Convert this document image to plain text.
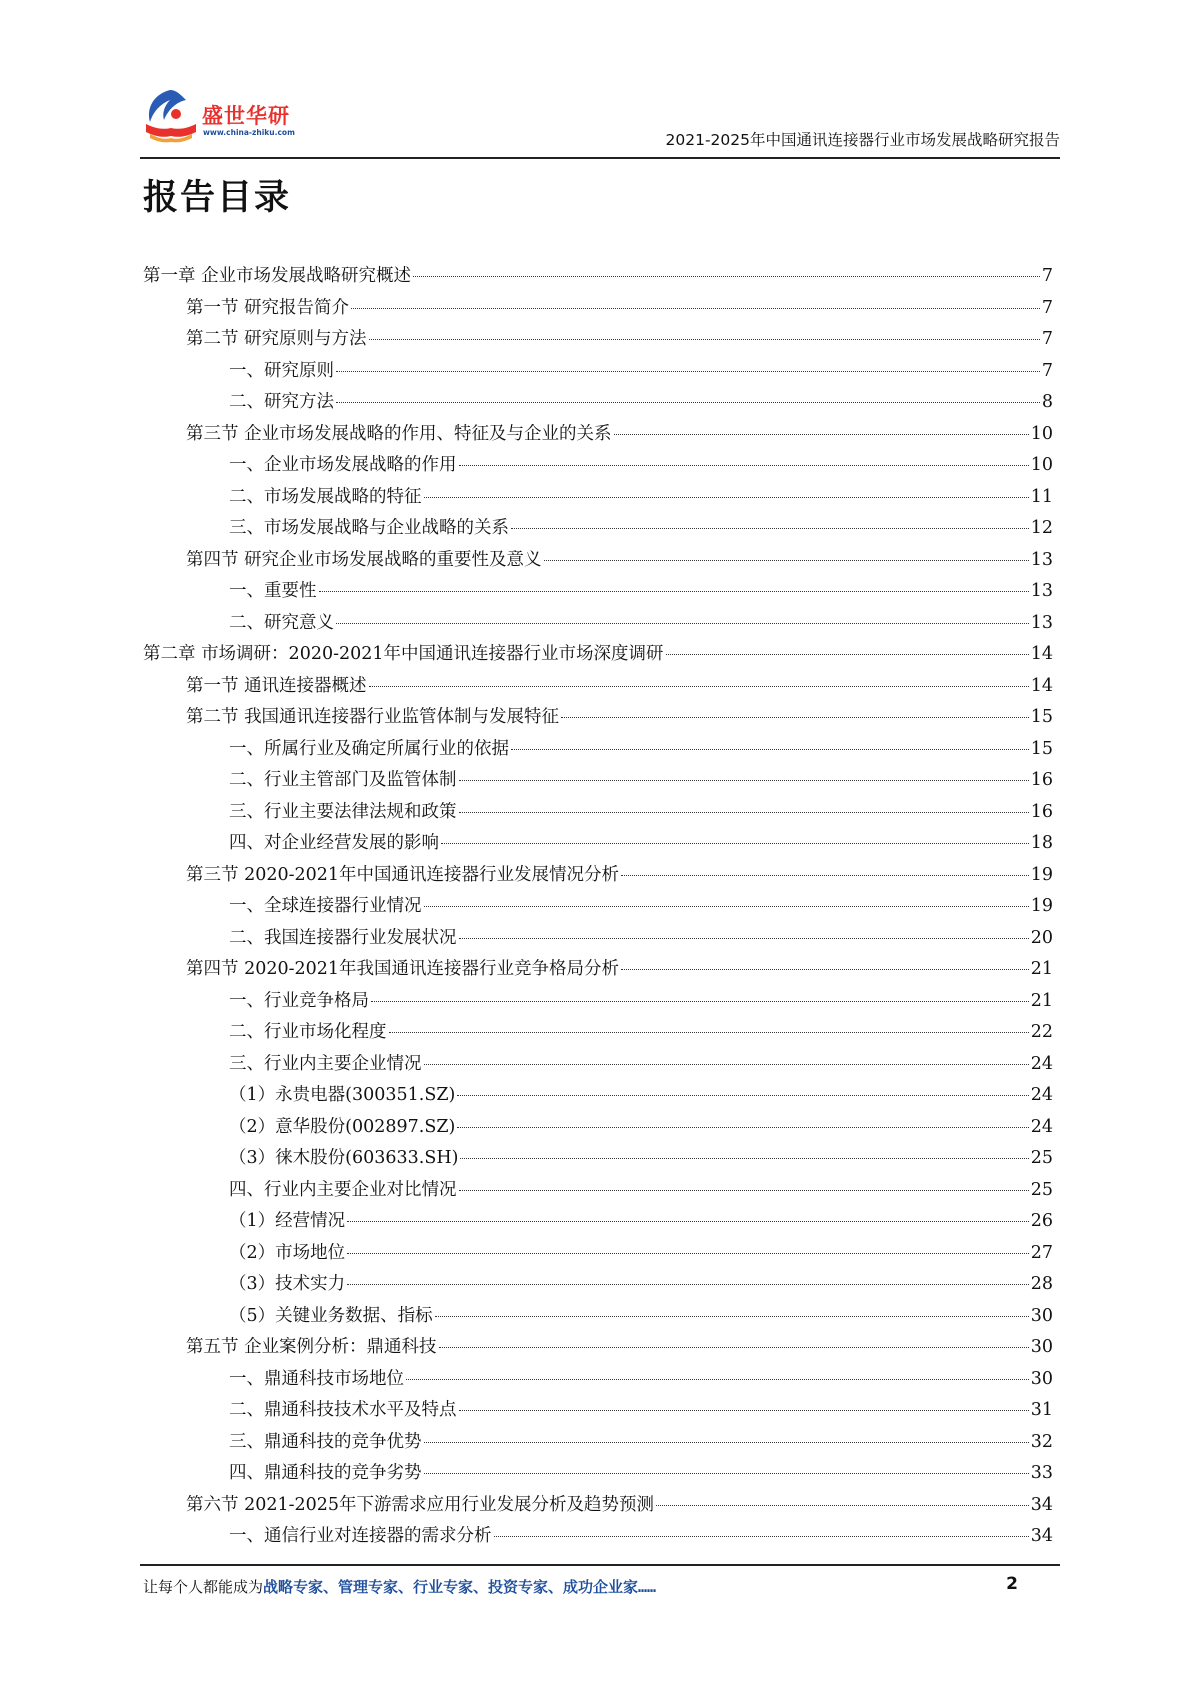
盛世华研
www.china-zhiku.com	2021-2025年中国通讯连接器行业市场发展战略研究报告
报告目录
第一章 企业市场发展战略研究概述	7
第一节 研究报告简介	7
第二节 研究原则与方法	7
一、研究原则	7
二、研究方法	8
第三节 企业市场发展战略的作用、特征及与企业的关系	10
一、企业市场发展战略的作用	10
二、市场发展战略的特征	11
三、市场发展战略与企业战略的关系	12
第四节 研究企业市场发展战略的重要性及意义	13
一、重要性	13
二、研究意义	13
第二章 市场调研：2020-2021年中国通讯连接器行业市场深度调研	14
第一节 通讯连接器概述	14
第二节 我国通讯连接器行业监管体制与发展特征	15
一、所属行业及确定所属行业的依据	15
二、行业主管部门及监管体制	16
三、行业主要法律法规和政策	16
四、对企业经营发展的影响	18
第三节 2020-2021年中国通讯连接器行业发展情况分析	19
一、全球连接器行业情况	19
二、我国连接器行业发展状况	20
第四节 2020-2021年我国通讯连接器行业竞争格局分析	21
一、行业竞争格局	21
二、行业市场化程度	22
三、行业内主要企业情况	24
（1）永贵电器(300351.SZ)	24
（2）意华股份(002897.SZ)	24
（3）徕木股份(603633.SH)	25
四、行业内主要企业对比情况	25
（1）经营情况	26
（2）市场地位	27
（3）技术实力	28
（5）关键业务数据、指标	30
第五节 企业案例分析：鼎通科技	30
一、鼎通科技市场地位	30
二、鼎通科技技术水平及特点	31
三、鼎通科技的竞争优势	32
四、鼎通科技的竞争劣势	33
第六节 2021-2025年下游需求应用行业发展分析及趋势预测	34
一、通信行业对连接器的需求分析	34
让每个人都能成为战略专家、管理专家、行业专家、投资专家、成功企业家……	2
